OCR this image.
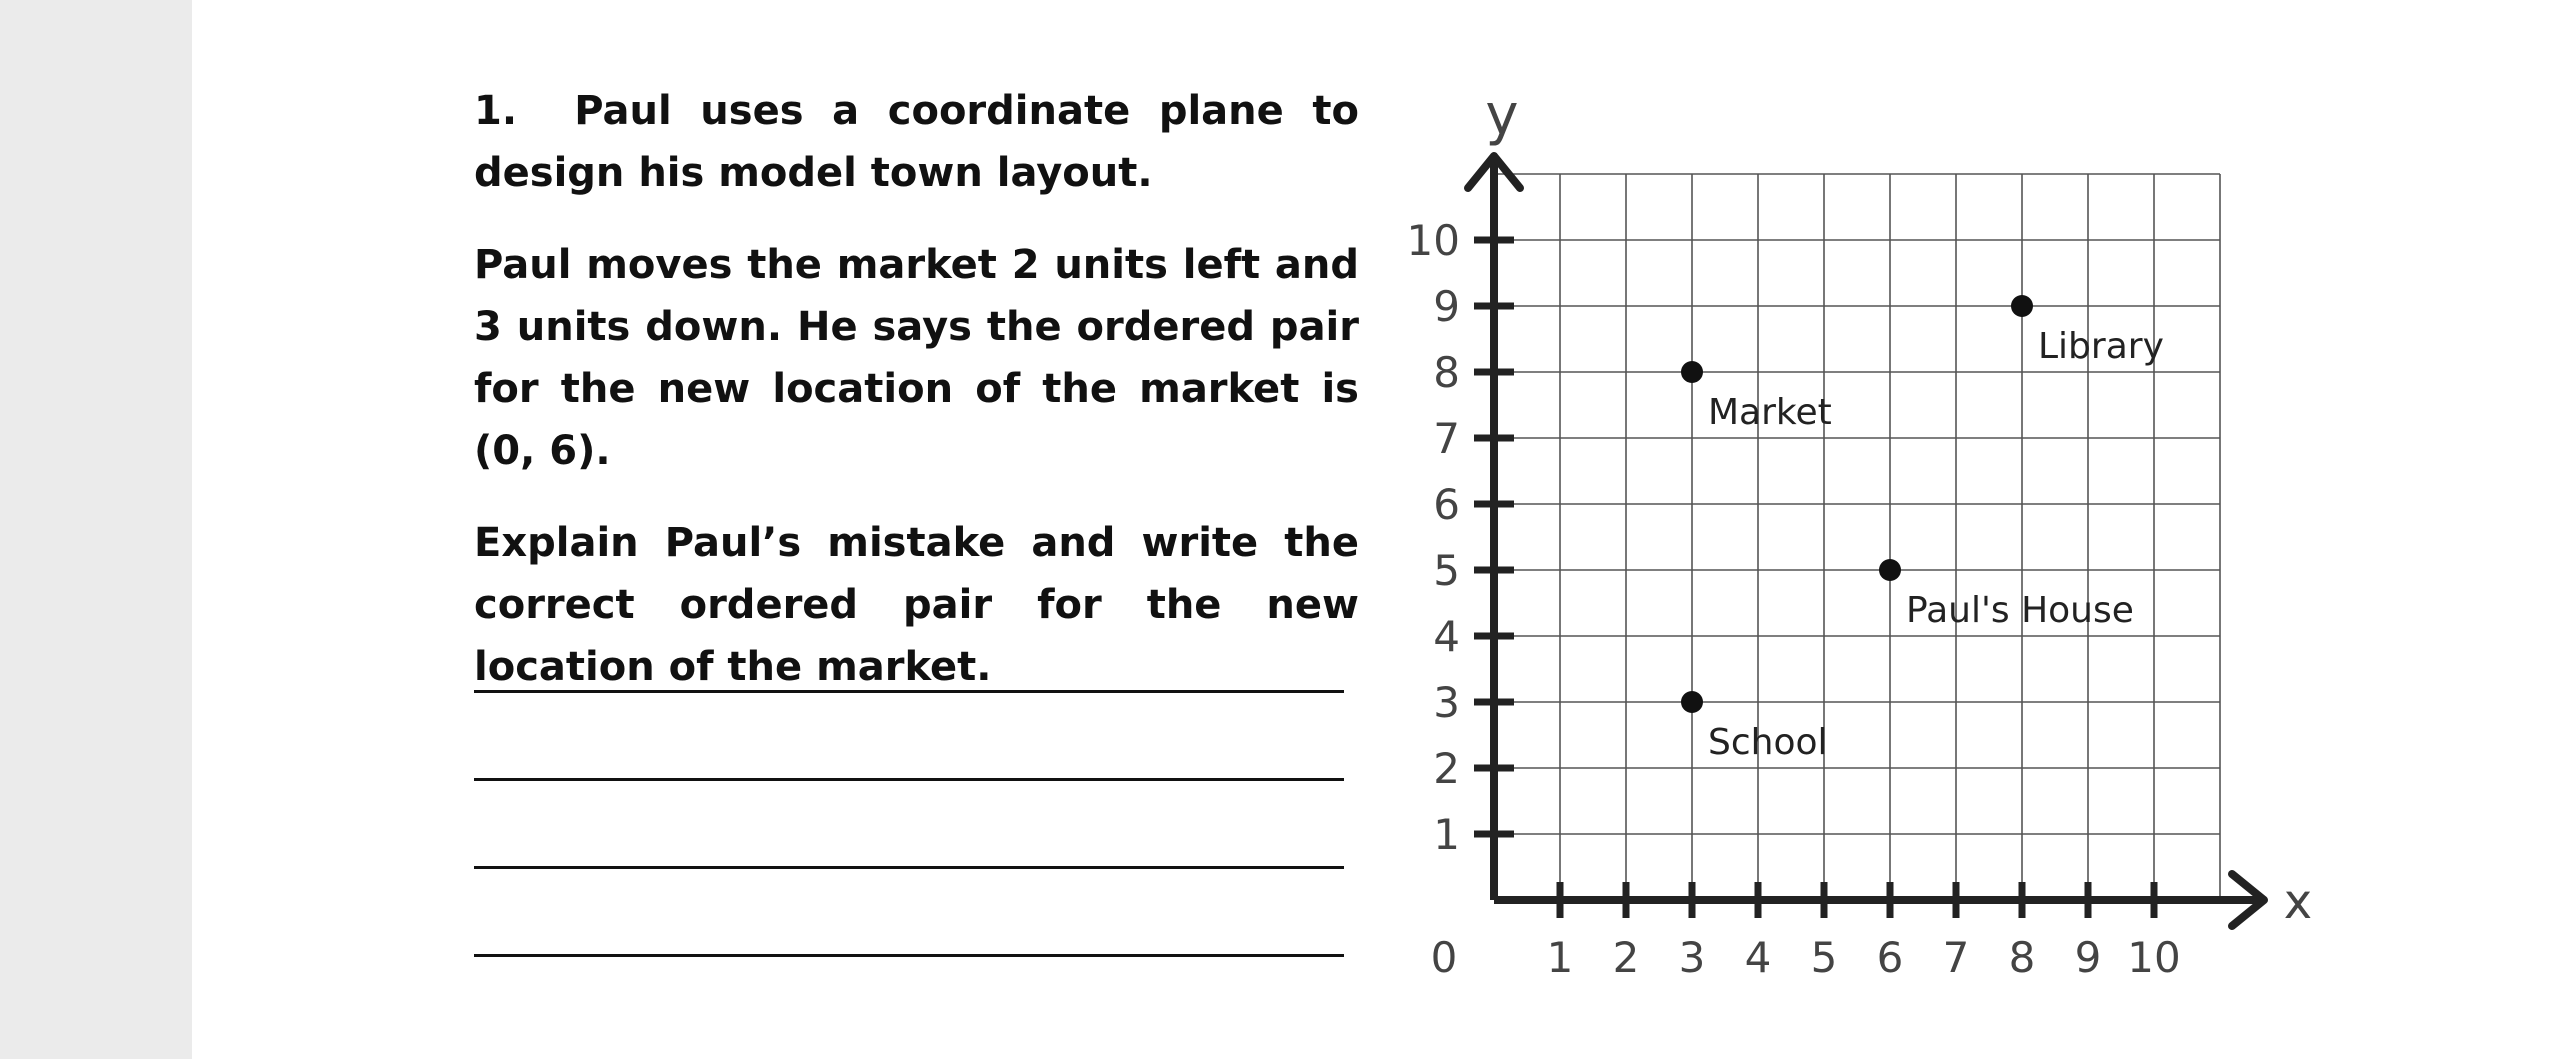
1. Paul uses a coordinate plane to design his model town layout.

Paul moves the market 2 units left and 3 units down. He says the ordered pair for the new location of the market is (0, 6).

Explain Paul’s mistake and write the correct ordered pair for the new location of the market.

x
y
0 1 2 3 4 5 6 7 8 9 10
1
2
3
4
5
6
7
8
9
10
Library
Market
Paul's House
School
